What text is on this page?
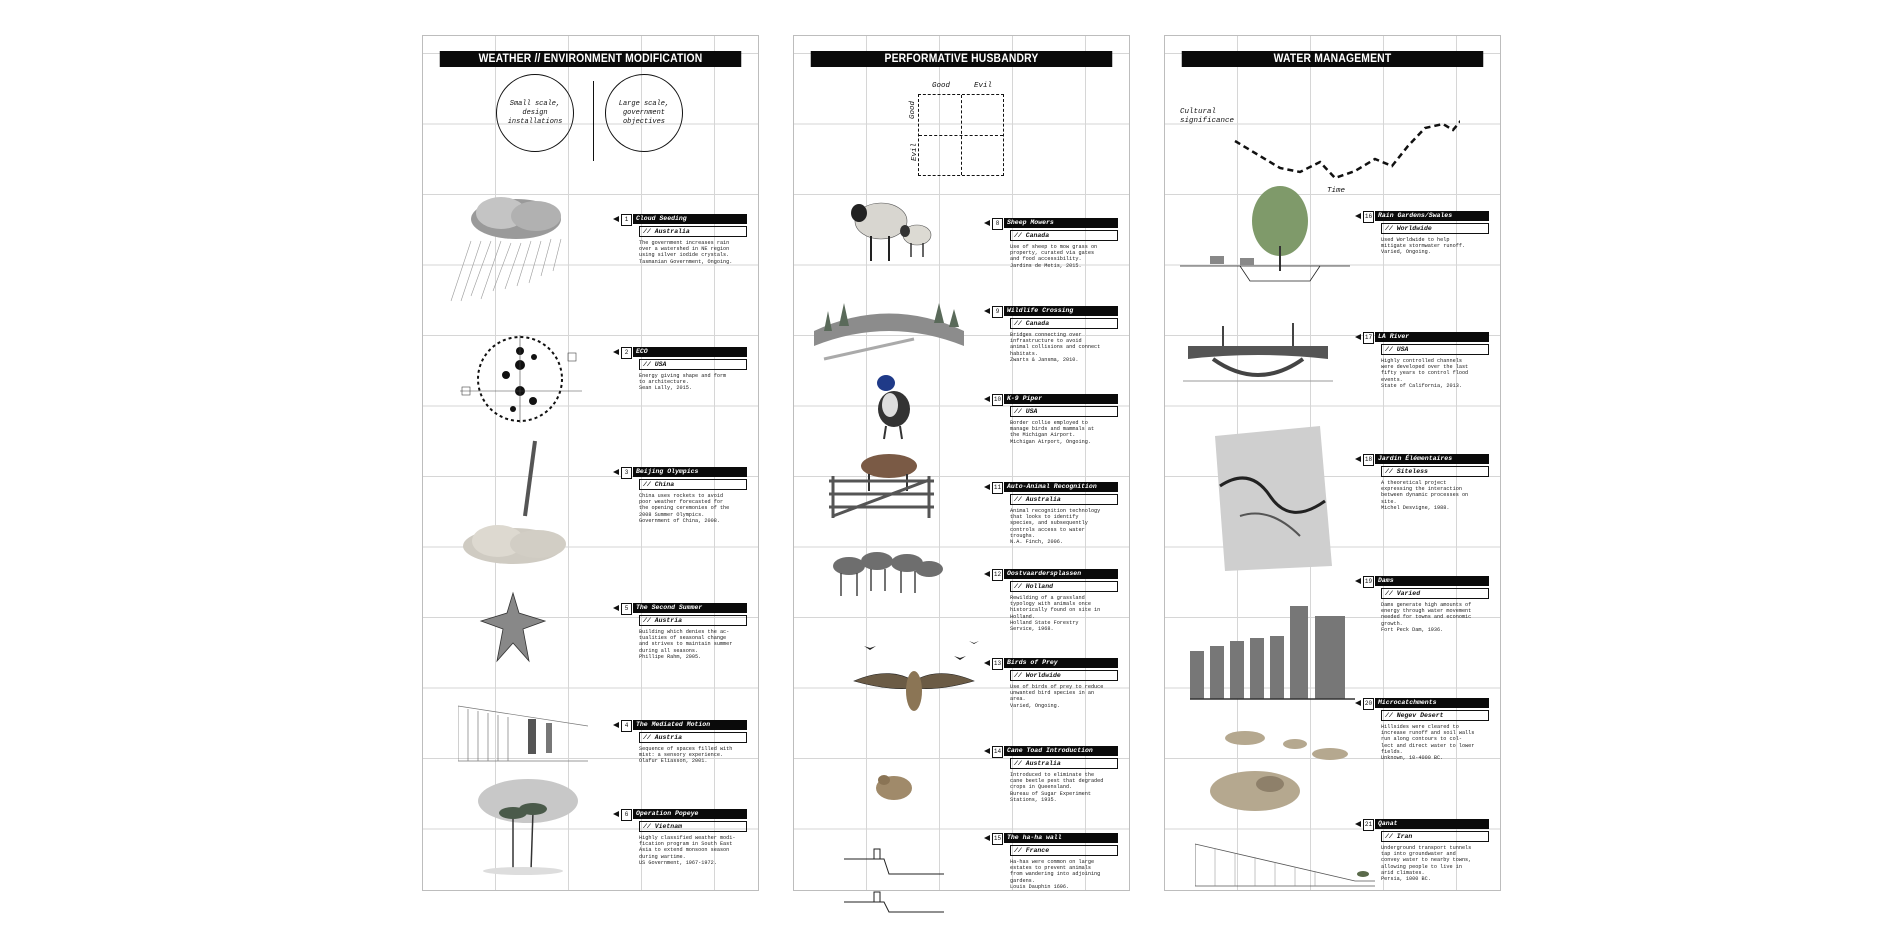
WEATHER // ENVIRONMENT MODIFICATION
Small scale,
design installations
Large scale,
government objectives
1	Cloud Seeding
// Australia
The government increases rain
over a watershed in NE region
using silver iodide crystals.
Tasmanian Government, Ongoing.
2	ECO
// USA
Energy giving shape and form
to architecture.
Sean Lally, 2015.
3	Beijing Olympics
// China
China uses rockets to avoid
poor weather forecasted for
the opening ceremonies of the
2008 Summer Olympics.
Government of China, 2008.
5	The Second Summer
// Austria
Building which denies the ac-
tualities of seasonal change
and strives to maintain summer
during all seasons.
Phillipe Rahm, 2005.
4	The Mediated Motion
// Austria
Sequence of spaces filled with
mist: a sensory experience.
Olafur Eliasson, 2001.
6	Operation Popeye
// Vietnam
Highly classified weather modi-
fication program in South East
Asia to extend monsoon season
during wartime.
US Government, 1967-1972.
PERFORMATIVE HUSBANDRY
Good	Evil
Good
Evil
8	Sheep Mowers
// Canada
Use of sheep to mow grass on
property, curated via gates
and food accessibility.
Jardins de Metis, 2015.
9	Wildlife Crossing
// Canada
Bridges connecting over
infrastructure to avoid
animal collisions and connect
habitats.
Zwarts & Jansma, 2010.
10 K-9 Piper
// USA
Border collie employed to
manage birds and mammals at
the Michigan Airport.
Michigan Airport, Ongoing.
11 Auto-Animal Recognition
// Australia
Animal recognition technology
that looks to identify
species, and subsequently
controls access to water
troughs.
N.A. Finch, 2006.
12 Oostvaardersplassen
// Holland
Rewilding of a grassland
typology with animals once
historically found on site in
Holland.
Holland State Forestry
Service, 1968.
13 Birds of Prey
// Worldwide
Use of birds of prey to reduce
unwanted bird species in an
area.
Varied, Ongoing.
14 Cane Toad Introduction
// Australia
Introduced to eliminate the
cane beetle pest that degraded
crops in Queensland.
Bureau of Sugar Experiment
Stations, 1935.
15 The ha-ha wall
// France
Ha-has were common on large
estates to prevent animals
from wandering into adjoining
gardens.
Louis Dauphin 1696.
WATER MANAGEMENT
Cultural
significance
Time
16 Rain Gardens/Swales
// Worldwide
Used Worldwide to help
mitigate stormwater runoff.
Varied, Ongoing.
17 LA River
// USA
Highly controlled channels
were developed over the last
fifty years to control flood
events.
State of California, 2013.
18 Jardin Élémentaires
// Siteless
A theoretical project
expressing the interaction
between dynamic processes on
site.
Michel Desvigne, 1988.
19 Dams
// Varied
Dams generate high amounts of
energy through water movement
needed for towns and economic
growth.
Fort Peck Dam, 1936.
20 Microcatchments
// Negev Desert
Hillsides were cleared to
increase runoff and soil walls
run along contours to col-
lect and direct water to lower
fields.
Unknown, 10-4000 BC.
21 Qanat
// Iran
Underground transport tunnels
tap into groundwater and
convey water to nearby towns,
allowing people to live in
arid climates.
Persia, 1000 BC.
